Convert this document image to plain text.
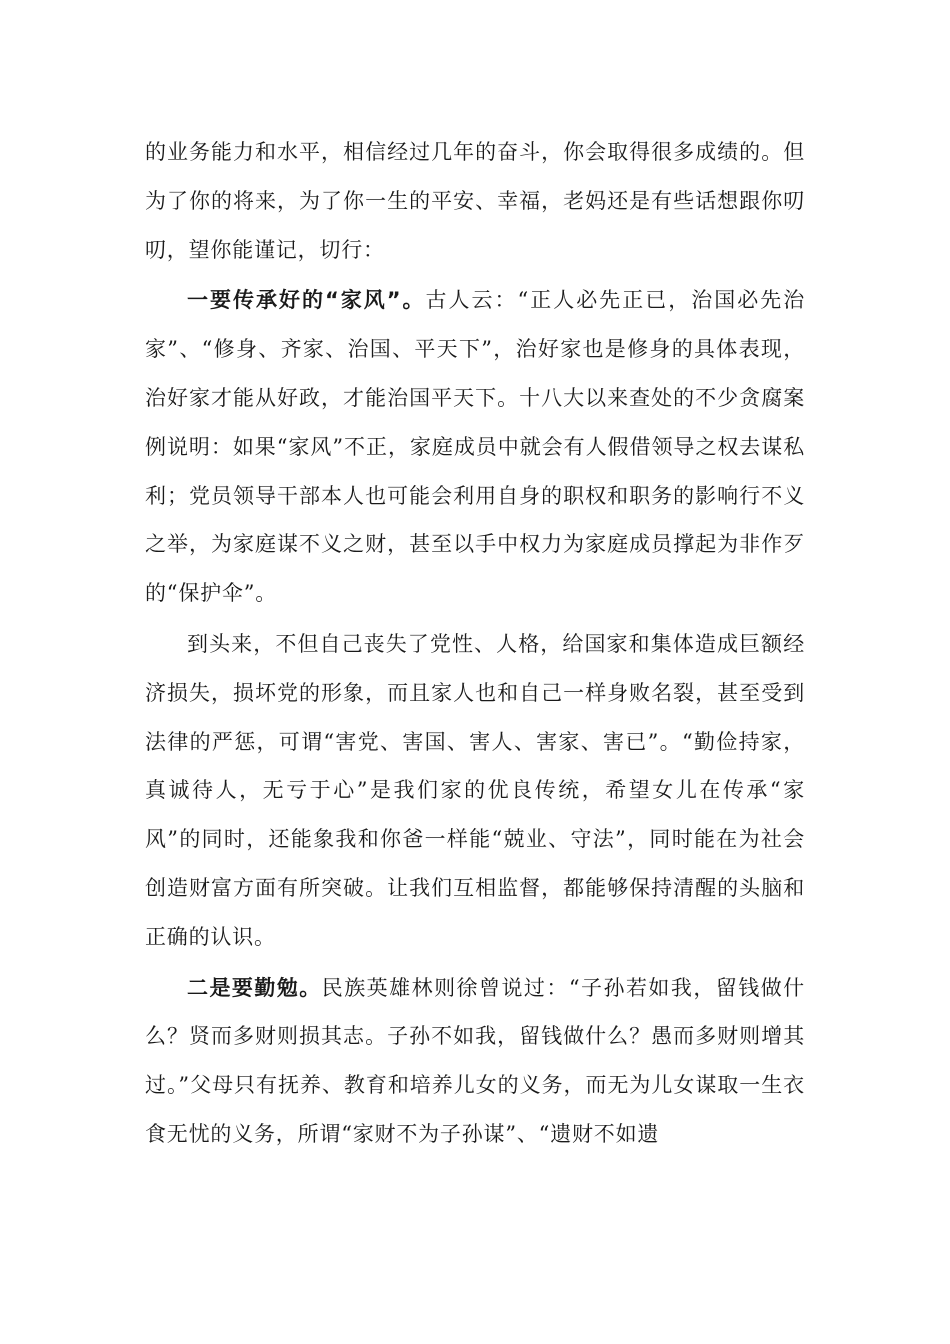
的业务能力和水平，相信经过几年的奋斗，你会取得很多成绩的。但为了你的将来，为了你一生的平安、幸福，老妈还是有些话想跟你叨叨，望你能谨记，切行：

一要传承好的“家风”。古人云：“正人必先正已，治国必先治家”、“修身、齐家、治国、平天下”，治好家也是修身的具体表现，治好家才能从好政，才能治国平天下。十八大以来查处的不少贪腐案例说明：如果“家风”不正，家庭成员中就会有人假借领导之权去谋私利；党员领导干部本人也可能会利用自身的职权和职务的影响行不义之举，为家庭谋不义之财，甚至以手中权力为家庭成员撑起为非作歹的“保护伞”。

到头来，不但自己丧失了党性、人格，给国家和集体造成巨额经济损失，损坏党的形象，而且家人也和自己一样身败名裂，甚至受到法律的严惩，可谓“害党、害国、害人、害家、害已”。“勤俭持家，真诚待人，无亏于心”是我们家的优良传统，希望女儿在传承“家风”的同时，还能象我和你爸一样能“兢业、守法”，同时能在为社会创造财富方面有所突破。让我们互相监督，都能够保持清醒的头脑和正确的认识。

二是要勤勉。民族英雄林则徐曾说过：“子孙若如我，留钱做什么？贤而多财则损其志。子孙不如我，留钱做什么？愚而多财则增其过。”父母只有抚养、教育和培养儿女的义务，而无为儿女谋取一生衣食无忧的义务，所谓“家财不为子孙谋”、“遗财不如遗
